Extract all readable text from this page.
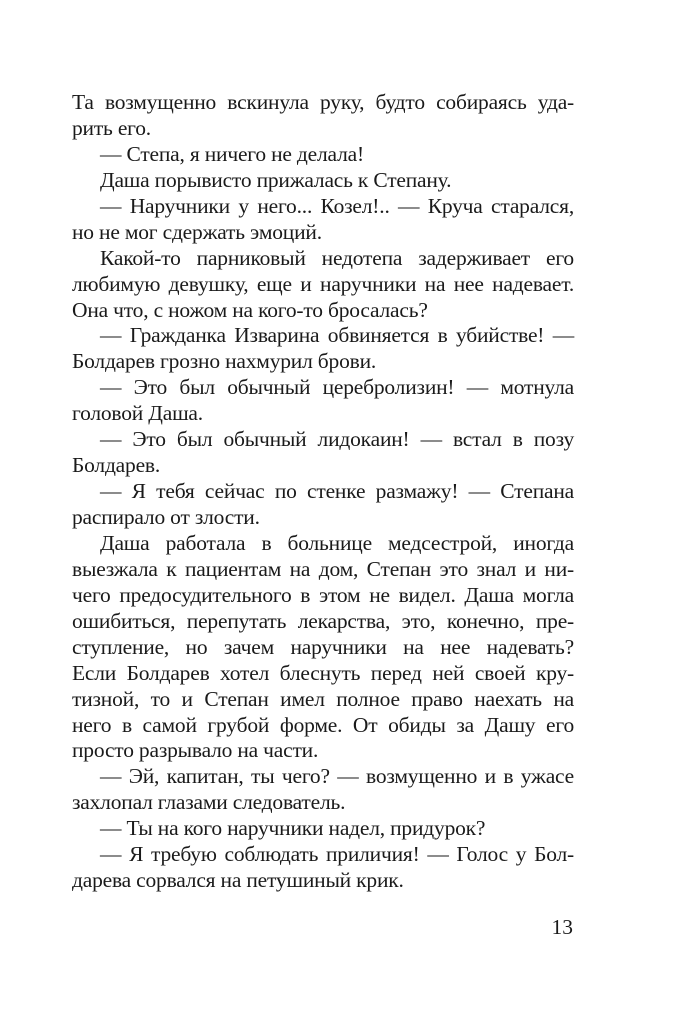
Та возмущенно вскинула руку, будто собираясь уда-
рить его.
— Степа, я ничего не делала!
Даша порывисто прижалась к Степану.
— Наручники у него... Козел!.. — Круча старался,
но не мог сдержать эмоций.
Какой-то парниковый недотепа задерживает его
любимую девушку, еще и наручники на нее надевает.
Она что, с ножом на кого-то бросалась?
— Гражданка Изварина обвиняется в убийстве! —
Болдарев грозно нахмурил брови.
— Это был обычный церебролизин! — мотнула
головой Даша.
— Это был обычный лидокаин! — встал в позу
Болдарев.
— Я тебя сейчас по стенке размажу! — Степана
распирало от злости.
Даша работала в больнице медсестрой, иногда
выезжала к пациентам на дом, Степан это знал и ни-
чего предосудительного в этом не видел. Даша могла
ошибиться, перепутать лекарства, это, конечно, пре-
ступление, но зачем наручники на нее надевать?
Если Болдарев хотел блеснуть перед ней своей кру-
тизной, то и Степан имел полное право наехать на
него в самой грубой форме. От обиды за Дашу его
просто разрывало на части.
— Эй, капитан, ты чего? — возмущенно и в ужасе
захлопал глазами следователь.
— Ты на кого наручники надел, придурок?
— Я требую соблюдать приличия! — Голос у Бол-
дарева сорвался на петушиный крик.
13
